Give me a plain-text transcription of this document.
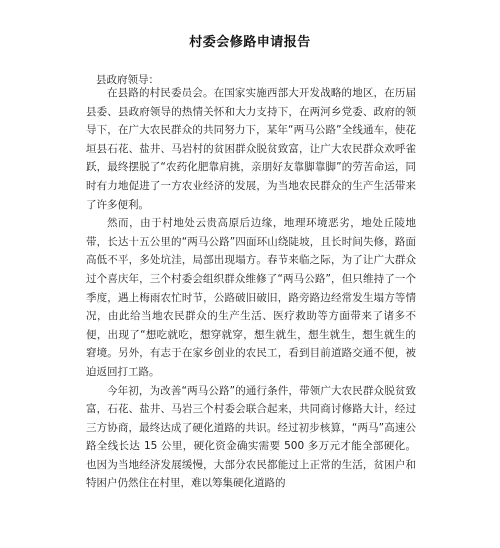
村委会修路申请报告
县政府领导：

在县路的村民委员会。在国家实施西部大开发战略的地区，在历届县委、县政府领导的热情关怀和大力支持下，在两河乡党委、政府的领导下，在广大农民群众的共同努力下，某年“两马公路”全线通车，使花垣县石花、盐井、马岩村的贫困群众脱贫致富，让广大农民群众欢呼雀跃，最终摆脱了“农药化肥靠肩挑，亲朋好友靠脚靠脚”的劳苦命运，同时有力地促进了一方农业经济的发展，为当地农民群众的生产生活带来了许多便利。

然而，由于村地处云贵高原后边缘，地理环境恶劣，地处丘陵地带，长达十五公里的“两马公路”四面环山绕陡坡，且长时间失修，路面高低不平，多处坑洼，局部出现塌方。春节来临之际，为了让广大群众过个喜庆年，三个村委会组织群众维修了“两马公路”，但只维持了一个季度，遇上梅雨农忙时节，公路破旧破旧，路旁路边经常发生塌方等情况，由此给当地农民群众的生产生活、医疗救助等方面带来了诸多不便，出现了“想吃就吃，想穿就穿，想生就生，想生就生，想生就生的窘境。另外，有志于在家乡创业的农民工，看到目前道路交通不便，被迫返回打工路。

今年初，为改善“两马公路”的通行条件，带领广大农民群众脱贫致富，石花、盐井、马岩三个村委会联合起来，共同商讨修路大计，经过三方协商，最终达成了硬化道路的共识。经过初步核算，“两马”高速公路全线长达 15 公里，硬化资金确实需要 500 多万元才能全部硬化。也因为当地经济发展缓慢，大部分农民都能过上正常的生活，贫困户和特困户仍然住在村里，难以筹集硬化道路的
